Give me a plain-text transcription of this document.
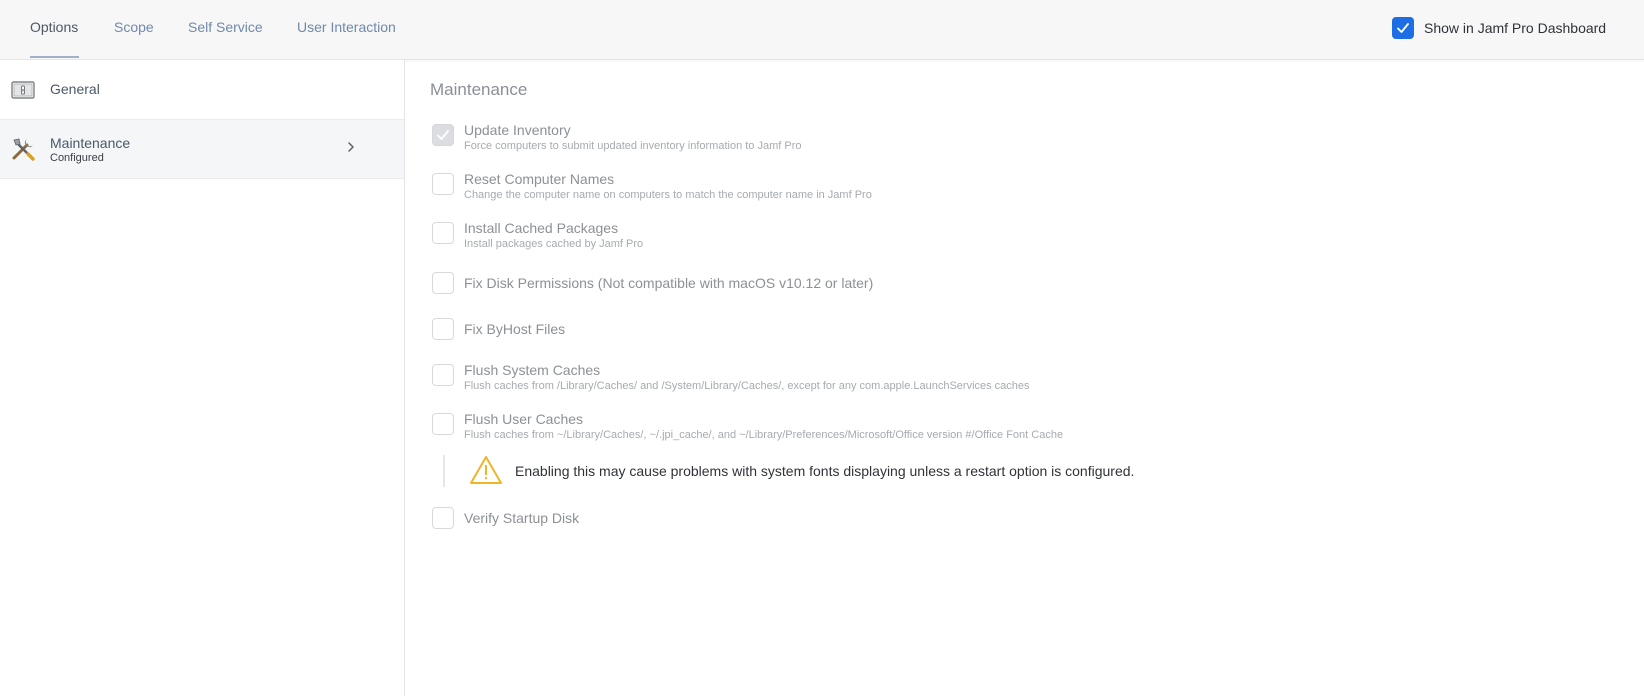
Options	Scope Self Service User Interaction	Show in Jamf Pro Dashboard
General
Maintenance
Configured
Maintenance
Update Inventory
Force computers to submit updated inventory information to Jamf Pro
Reset Computer Names
Change the computer name on computers to match the computer name in Jamf Pro
Install Cached Packages
Install packages cached by Jamf Pro
Fix Disk Permissions (Not compatible with macOS v10.12 or later)
Fix ByHost Files
Flush System Caches
Flush caches from /Library/Caches/ and /System/Library/Caches/, except for any com.apple.LaunchServices caches
Flush User Caches
Flush caches from ~/Library/Caches/, ~/.jpi_cache/, and ~/Library/Preferences/Microsoft/Office version #/Office Font Cache
Enabling this may cause problems with system fonts displaying unless a restart option is configured.
Verify Startup Disk
